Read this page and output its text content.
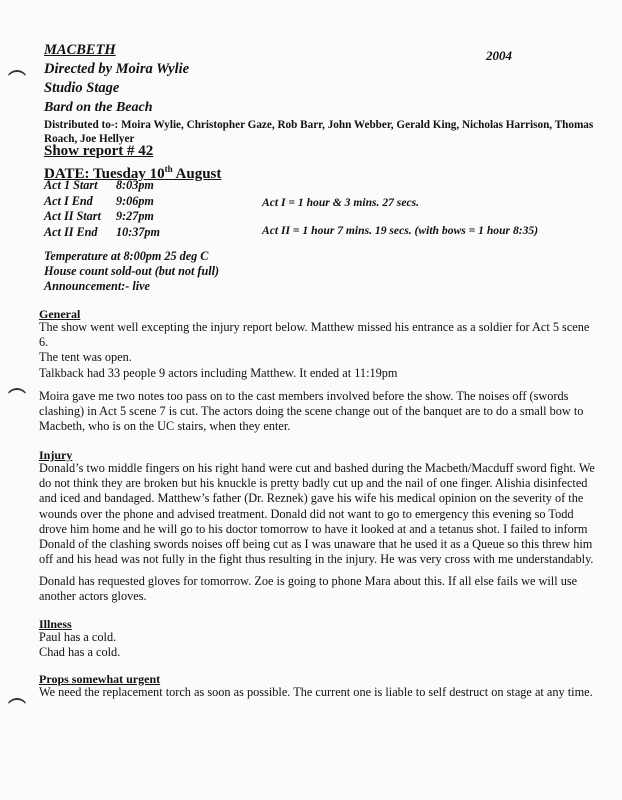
MACBETH
Directed by Moira Wylie
Studio Stage
Bard on the Beach
2004
Distributed to-: Moira Wylie, Christopher Gaze, Rob Barr, John Webber, Gerald King, Nicholas Harrison, Thomas Roach, Joe Hellyer
Show report # 42
DATE: Tuesday 10th August
Act 1 Start	8:03pm
Act I End	9:06pm
Act II Start	9:27pm
Act II End	10:37pm
Act I = 1 hour & 3 mins. 27 secs.
Act II = 1 hour 7 mins. 19 secs. (with bows = 1 hour 8:35)
Temperature at 8:00pm 25 deg C
House count sold-out (but not full)
Announcement:- live
General

The show went well excepting the injury report below. Matthew missed his entrance as a soldier for Act 5 scene 6.

The tent was open.

Talkback had 33 people 9 actors including Matthew. It ended at 11:19pm

Moira gave me two notes too pass on to the cast members involved before the show. The noises off (swords clashing) in Act 5 scene 7 is cut. The actors doing the scene change out of the banquet are to do a small bow to Macbeth, who is on the UC stairs, when they enter.
Injury
Donald’s two middle fingers on his right hand were cut and bashed during the Macbeth/Macduff sword fight. We do not think they are broken but his knuckle is pretty badly cut up and the nail of one finger. Alishia disinfected and iced and bandaged. Matthew’s father (Dr. Reznek) gave his wife his medical opinion on the severity of the wounds over the phone and advised treatment. Donald did not want to go to emergency this evening so Todd drove him home and he will go to his doctor tomorrow to have it looked at and a tetanus shot. I failed to inform Donald of the clashing swords noises off being cut as I was unaware that he used it as a Queue so this threw him off and his head was not fully in the fight thus resulting in the injury. He was very cross with me understandably.
Donald has requested gloves for tomorrow. Zoe is going to phone Mara about this. If all else fails we will use another actors gloves.
Illness

Paul has a cold.

Chad has a cold.

Props somewhat urgent
We need the replacement torch as soon as possible. The current one is liable to self destruct on stage at any time.
